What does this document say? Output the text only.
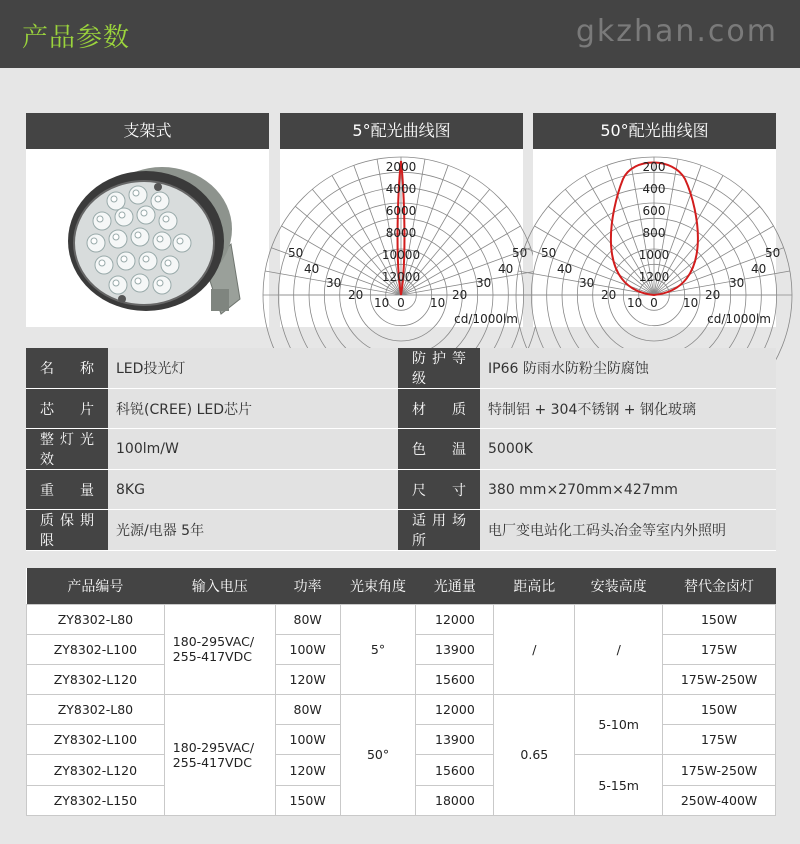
产品参数	gkzhan.com
支架式	5°配光曲线图
2000
4000
6000
8000
10000
12000
50
40
30
20
10	10
20
30
40
50
0
cd/1000lm
50°配光曲线图
200
400
600
800
1000
1200
50
40
30
20
10	10
20
30
40
50
0
cd/1000lm
名 称	LED投光灯	防护等级	IP66 防雨水防粉尘防腐蚀
芯 片	科锐(CREE) LED芯片	材 质	特制铝 + 304不锈钢 + 钢化玻璃
整灯光效	100lm/W	色 温	5000K
重 量	8KG	尺 寸	380 mm×270mm×427mm
质保期限	光源/电器 5年	适用场所	电厂变电站化工码头冶金等室内外照明
产品编号	输入电压	功率	光束角度	光通量	距高比	安装高度	替代金卤灯
ZY8302-L80	180-295VAC/
255-417VDC	80W	5°	12000	/	/	150W
ZY8302-L100		100W		13900			175W
ZY8302-L120		120W		15600			175W-250W
ZY8302-L80	180-295VAC/
255-417VDC	80W	50°	12000	0.65	5-10m	150W
ZY8302-L100		100W		13900			175W
ZY8302-L120		120W		15600		5-15m	175W-250W
ZY8302-L150		150W		18000			250W-400W
